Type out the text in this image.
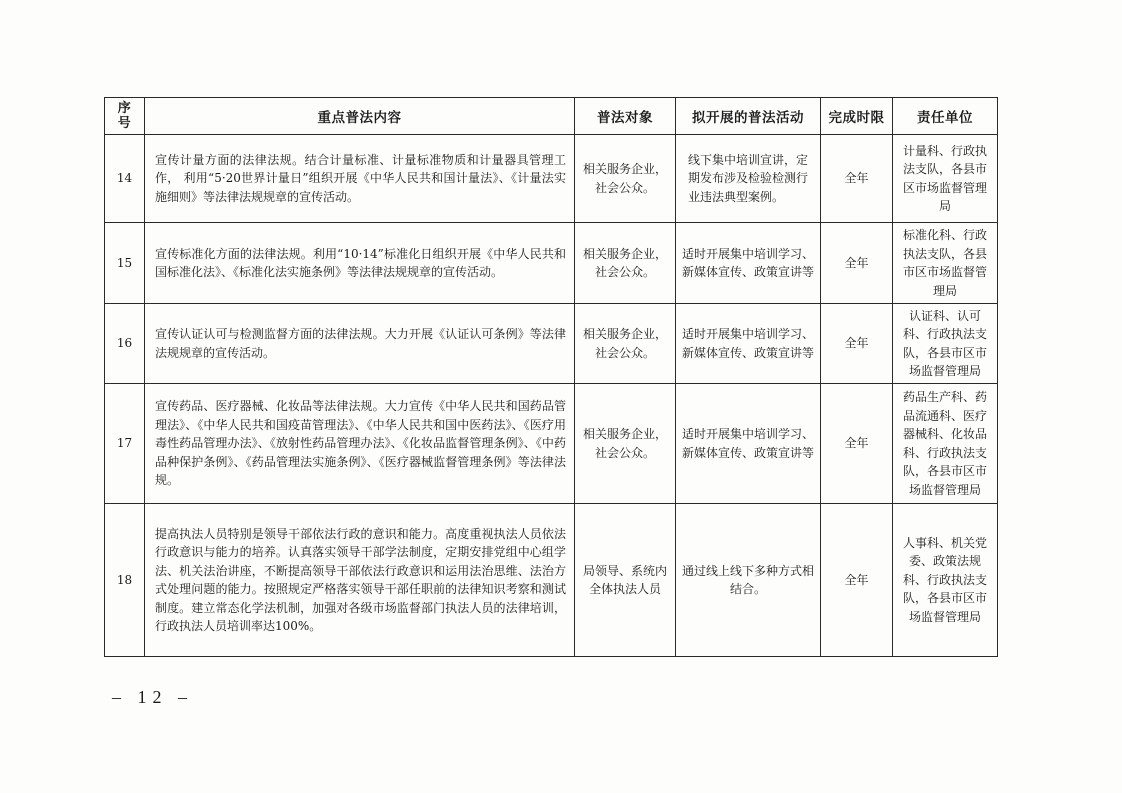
序号	重点普法内容	普法对象	拟开展的普法活动	完成时限	责任单位
14	宣传计量方面的法律法规。结合计量标准、计量标准物质和计量器具管理工作， 利用“5·20世界计量日”组织开展《中华人民共和国计量法》、《计量法实施细则》等法律法规规章的宣传活动。	相关服务企业，社会公众。	线下集中培训宣讲，定期发布涉及检验检测行业违法典型案例。	全年	计量科、行政执法支队，各县市区市场监督管理局
15	宣传标准化方面的法律法规。利用“10·14”标准化日组织开展《中华人民共和国标准化法》、《标准化法实施条例》等法律法规规章的宣传活动。	相关服务企业，社会公众。	适时开展集中培训学习、新媒体宣传、政策宣讲等	全年	标准化科、行政执法支队，各县市区市场监督管理局
16	宣传认证认可与检测监督方面的法律法规。大力开展《认证认可条例》等法律法规规章的宣传活动。	相关服务企业，社会公众。	适时开展集中培训学习、新媒体宣传、政策宣讲等	全年	认证科、认可科、行政执法支队，各县市区市场监督管理局
17	宣传药品、医疗器械、化妆品等法律法规。大力宣传《中华人民共和国药品管理法》、《中华人民共和国疫苗管理法》、《中华人民共和国中医药法》、《医疗用毒性药品管理办法》、《放射性药品管理办法》、《化妆品监督管理条例》、《中药品种保护条例》、《药品管理法实施条例》、《医疗器械监督管理条例》等法律法规。	相关服务企业，社会公众。	适时开展集中培训学习、新媒体宣传、政策宣讲等	全年	药品生产科、药品流通科、医疗器械科、化妆品科、行政执法支队，各县市区市场监督管理局
18	提高执法人员特别是领导干部依法行政的意识和能力。高度重视执法人员依法行政意识与能力的培养。认真落实领导干部学法制度，定期安排党组中心组学法、机关法治讲座，不断提高领导干部依法行政意识和运用法治思维、法治方式处理问题的能力。按照规定严格落实领导干部任职前的法律知识考察和测试制度。建立常态化学法机制，加强对各级市场监督部门执法人员的法律培训，行政执法人员培训率达100%。	局领导、系统内全体执法人员	通过线上线下多种方式相结合。	全年	人事科、机关党委、政策法规科、行政执法支队，各县市区市场监督管理局
– 12 –
